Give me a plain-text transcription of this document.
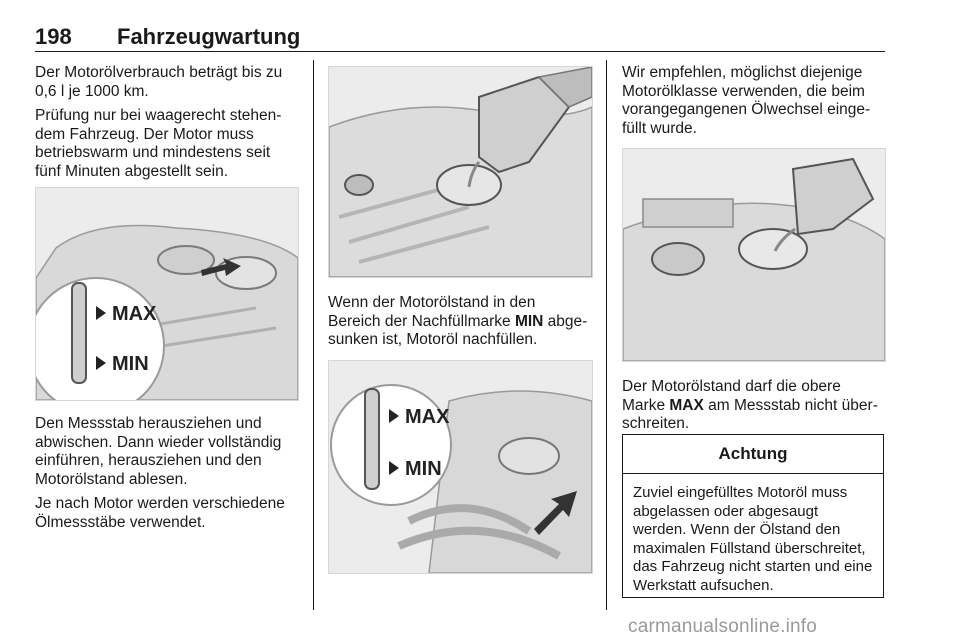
198 Fahrzeugwartung

Der Motorölverbrauch beträgt bis zu 0,6 l je 1000 km.

Prüfung nur bei waagerecht stehendem Fahrzeug. Der Motor muss betriebswarm und mindestens seit fünf Minuten abgestellt sein.

MAX
MIN

Den Messstab herausziehen und abwischen. Dann wieder vollständig einführen, herausziehen und den Motorölstand ablesen.

Je nach Motor werden verschiedene Ölmessstäbe verwendet.

Wenn der Motorölstand in den Bereich der Nachfüllmarke MIN abgesunken ist, Motoröl nachfüllen.

MAX
MIN

Wir empfehlen, möglichst diejenige Motorölklasse verwenden, die beim vorangegangenen Ölwechsel eingefüllt wurde.

Der Motorölstand darf die obere Marke MAX am Messstab nicht überschreiten.

Achtung
Zuviel eingefülltes Motoröl muss abgelassen oder abgesaugt werden. Wenn der Ölstand den maximalen Füllstand überschreitet, das Fahrzeug nicht starten und eine Werkstatt aufsuchen.
carmanualsonline.info
